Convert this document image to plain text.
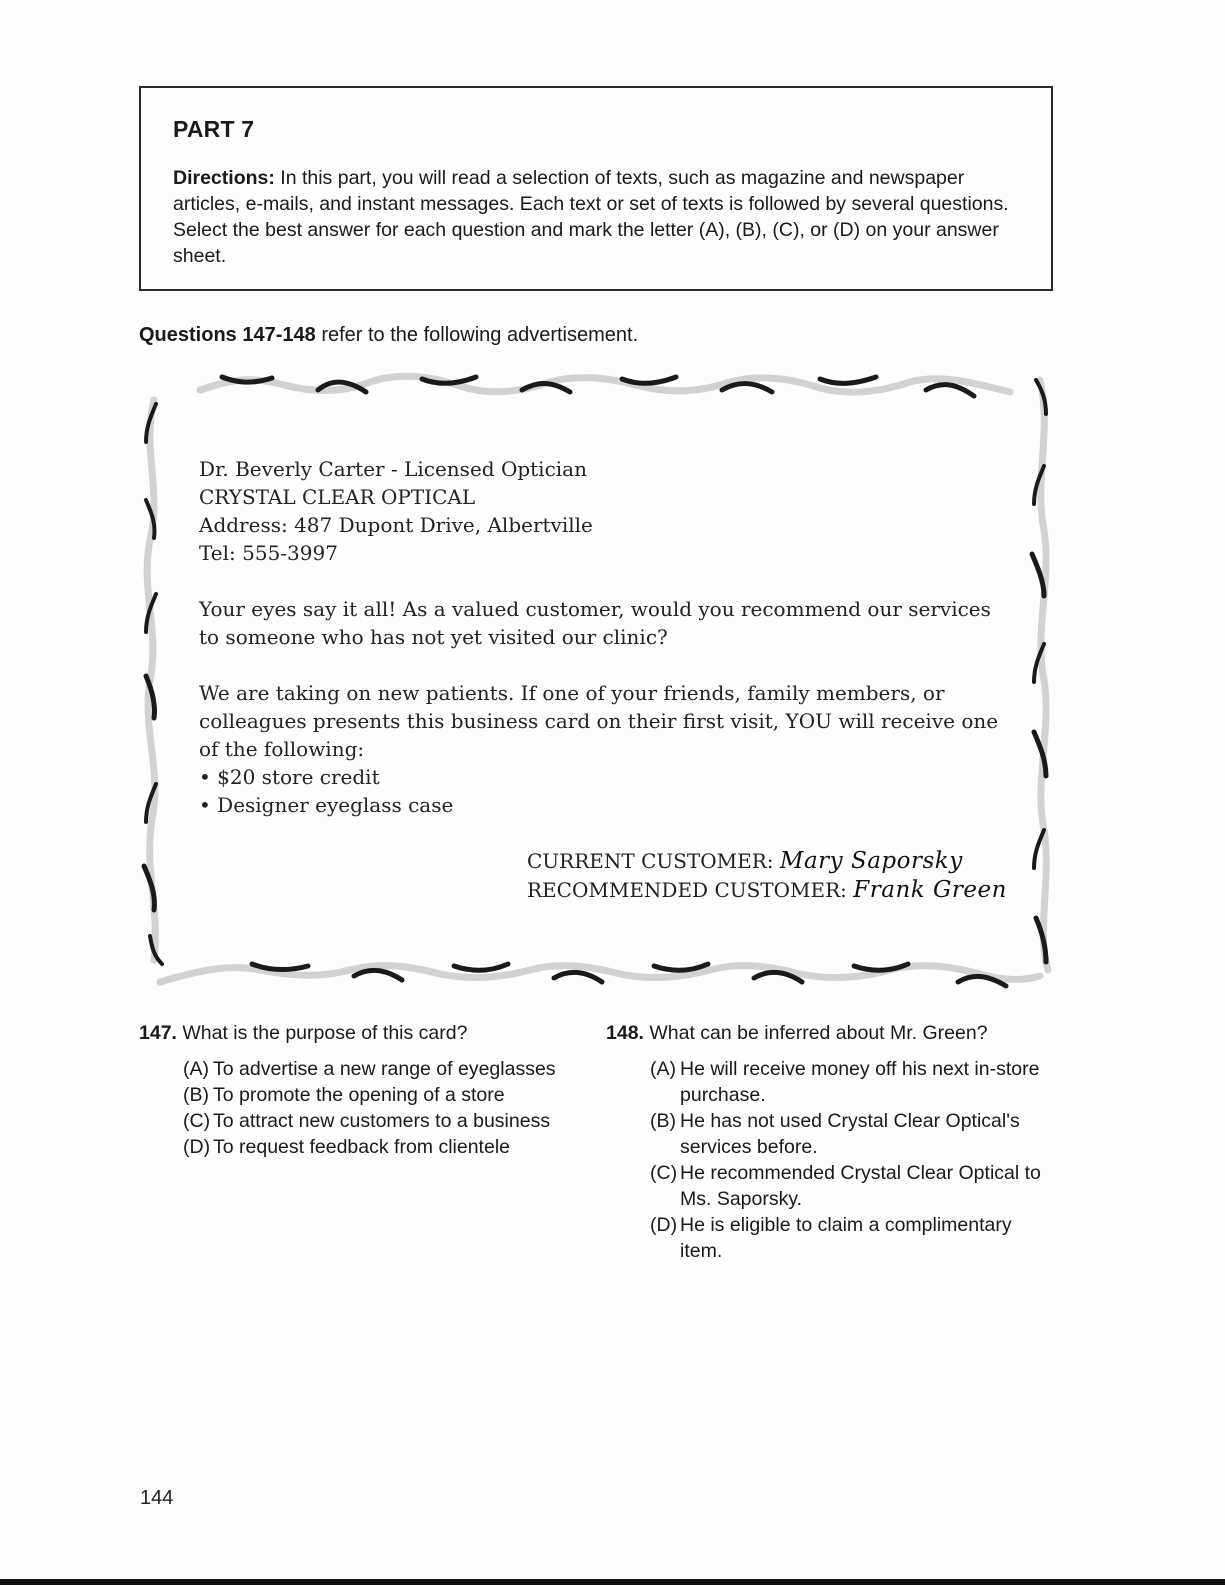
PART 7

Directions: In this part, you will read a selection of texts, such as magazine and newspaper articles, e-mails, and instant messages. Each text or set of texts is followed by several questions. Select the best answer for each question and mark the letter (A), (B), (C), or (D) on your answer sheet.

Questions 147-148 refer to the following advertisement.

Dr. Beverly Carter - Licensed Optician

CRYSTAL CLEAR OPTICAL

Address: 487 Dupont Drive, Albertville

Tel: 555-3997

Your eyes say it all! As a valued customer, would you recommend our services to someone who has not yet visited our clinic?

We are taking on new patients. If one of your friends, family members, or colleagues presents this business card on their first visit, YOU will receive one of the following:

• $20 store credit

• Designer eyeglass case

CURRENT CUSTOMER: Mary Saporsky
RECOMMENDED CUSTOMER: Frank Green
147. What is the purpose of this card?
(A) To advertise a new range of eyeglasses
(B) To promote the opening of a store
(C) To attract new customers to a business
(D) To request feedback from clientele
148. What can be inferred about Mr. Green?
(A) He will receive money off his next in-store purchase.
(B) He has not used Crystal Clear Optical's services before.
(C) He recommended Crystal Clear Optical to Ms. Saporsky.
(D) He is eligible to claim a complimentary item.
144
